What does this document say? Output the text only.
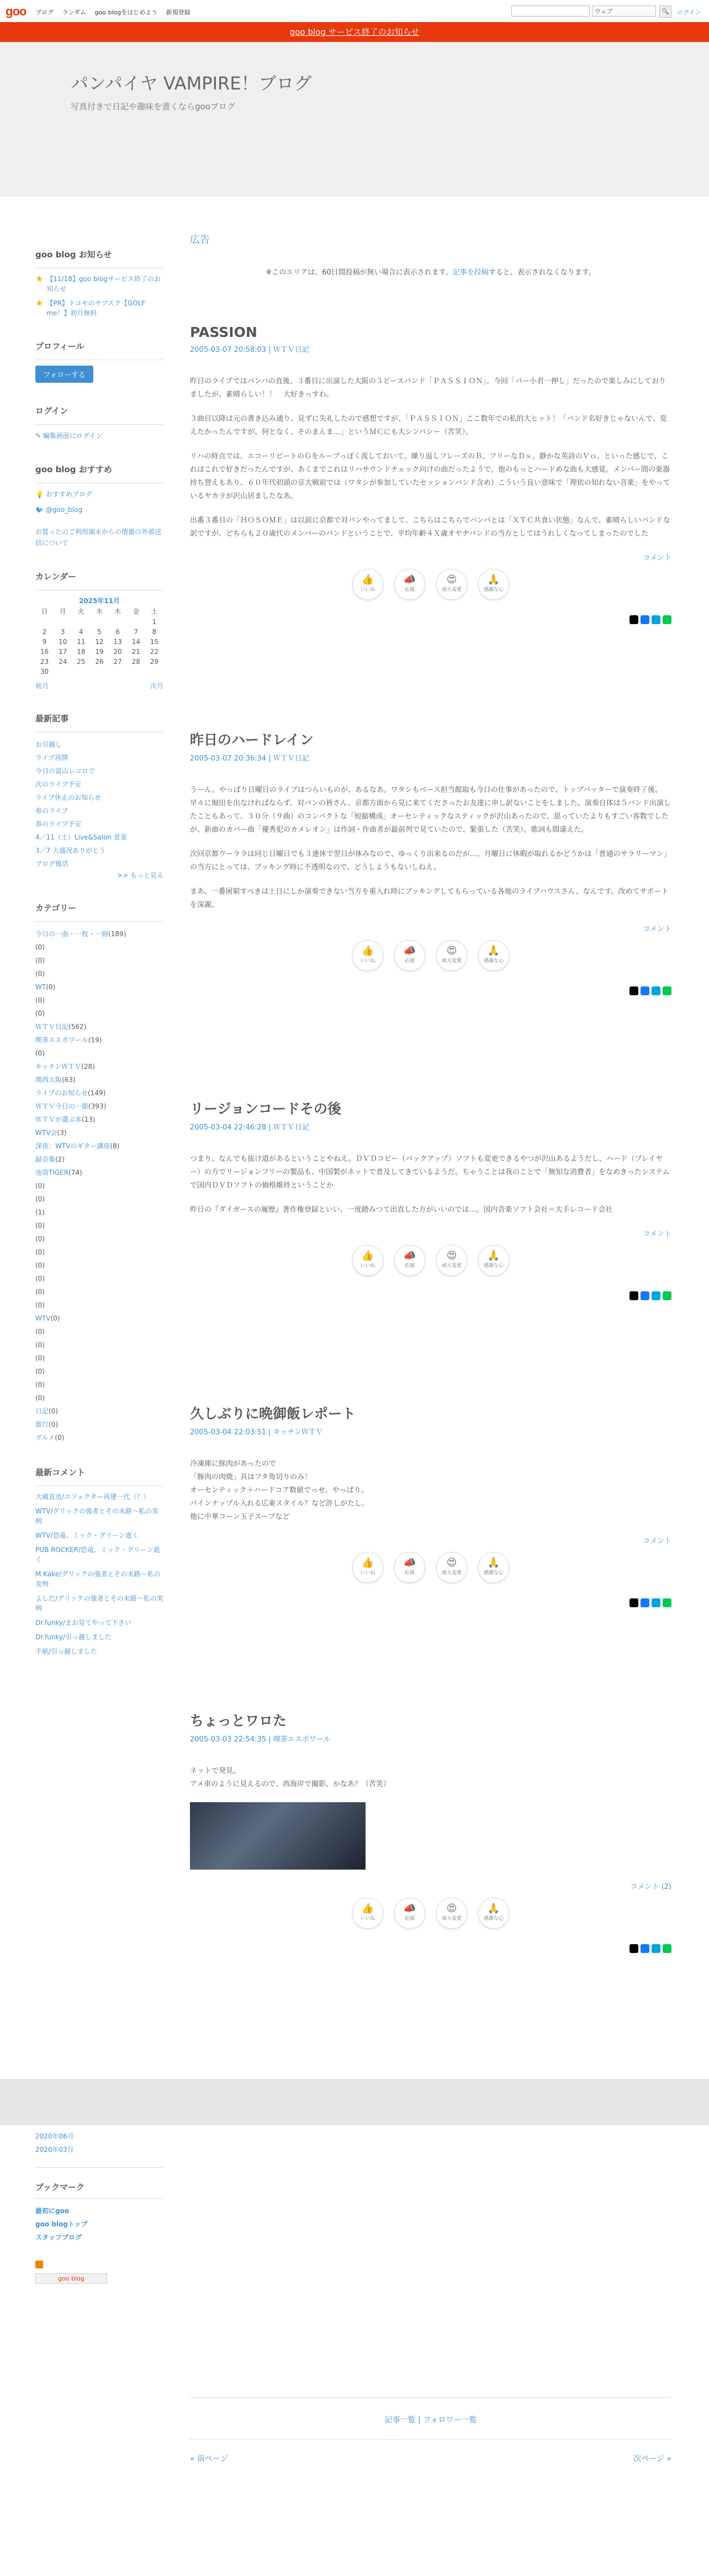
goo ブログ ランダム goo blogをはじめよう 新規登録	ウェブ	🔍	ログイン
goo blog サービス終了のお知らせ
パンパイヤ VAMPIRE！ブログ
写真付きで日記や趣味を書くならgooブログ
goo blog お知らせ
★ 【11/18】goo blogサービス終了のお知らせ
★ 【PR】ドコモのサブスク【GOLF me！】初月無料
プロフィール
フォローする
ログイン
✎ 編集画面にログイン
goo blog おすすめ
💡 おすすめブログ
🐦 @goo_blog
お買ったのご利用端末からの情報の外部送信について
カレンダー
2025年11月
日	月	火	水	木	金	土
						1
2	3	4	5	6	7	8
9	10	11	12	13	14	15
16	17	18	19	20	21	22
23	24	25	26	27	28	29
30						
前月	次月
最新記事
お引越し
ライブ再開
今日の富山レコロで
次のライブ予定
ライブ休止のお知らせ
春のライブ
春のライブ予定
4／11（土）Live&Salon 景景
3／7 大盛況ありがとう
ブログ復活
>> もっと見る
カテゴリー
今日の一曲・一枚・一冊(189)
(0)
(0)
(0)
WT(0)
(0)
(0)
ＷＴＶ日記(562)
喫茶エスポワール(19)
(0)
キッチンＷＴＶ(28)
関西大阪(63)
ライブのお知らせ(149)
ＷＴＶ今日の一節(393)
ＷＴＶが選ぶ本(13)
WTV会(3)
深夜：WTVのギター講座(8)
録音集(2)
池袋TIGER(74)
(0)
(0)
(1)
(0)
(0)
(0)
(0)
(0)
(0)
(0)
WTV(0)
(0)
(0)
(0)
(0)
(0)
(0)
日記(0)
旅行(0)
グルメ(0)
最新コメント
大蔵直也/エフェクター再建一代（？）
WTV/グリックの強者とその末路〜私の実例
WTV/恐竜、ミック・グリーン逝く
PUB ROCKER/恐竜、ミック・グリーン逝く
M.Kake/グリックの強者とその末路〜私の実例
よしだ/グリックの強者とその末路〜私の実例
Dr.funky/まお見てやって下さい
Dr.funky/引っ越しました
手紙/引っ越しました
2020年06月
2020年03月
ブックマーク
最初にgoo
goo blogトップ
スタッフブログ
goo blog
広告
※このエリアは、60日間投稿が無い場合に表示されます。記事を投稿すると、表示されなくなります。
PASSION
2005-03-07 20:58:03 | ＷＴＶ日記

昨日のライブではパンパの直後、３番目に出演した大阪の３ピースバンド「ＰＡＳＳＩＯＮ」。今回「パー小君一押し」だったので楽しみにしておりましたが、素晴らしい！！　大好きっすわ。

３曲目以降は元の書き込み通り、見ずに失礼したので感想ですが、「ＰＡＳＳＩＯＮ」ここ数年での私的大ヒット！「バンド名好きじゃないんで、変えたかったんですが、何となく、そのまんま…」というＭＣにも大シンパシー（苦笑）。

リハの時点では、エコーリピートのＧをループっぽく流しておいて、繰り返しフレーズのＢ、フリーなＤｓ、静かな英詩のＶｏ、といった感じで、これはこれで好きだったんですが、あくまでこれはリハサウンドチェック向けの曲だったようで。他のもっとハードめな曲も大感覚。メンバー間の楽器持ち替えもあり、６０年代初頭の京大戦前では（ワタシが参加していたセッションバンド含め）こういう良い意味で「理依の知れない音楽」をやっているヤカラが沢山居ましたなあ。

出番３番目の「ＨＯＳＯＭＥ」は以前に京都で対バンやってまして、こちらはこちらでパンパとは「ＸＴＣ共食い状態」なんで、素晴らしいバンドな訳ですが、どちらも２０歳代のメンバーのバンドということで、平均年齢４Ｘ歳オヤヂバンドの当方としてはうれしくなってしまったのでした

コメント
👍
いいね
📣
応援
😍
頑大変愛
🙏
感謝な心
昨日のハードレイン
2005-03-07 20:36:34 | ＷＴＶ日記

うーん。やっぱり日曜日のライブはつらいものが、あるなあ。ワタシもベース担当館取も今日の仕事があったので、トップバッターで演奏終了後、早々に堀田を出なければならず、対バンの皆さん、京都方面から見に来てくださったお友達に申し訳ないことをしました。演奏自体は５バンド出演したこともあって、３０分（９曲）のコンパクトな「短縮構成」オーセンティックなスティックが沢山あったので、思っていたよりもすごい客数でしたが、新曲のカバー曲「優秀犯のカメレオン」は作詞・作曲者が最前列で見ていたので、緊張した（苦笑）。歌詞も間違えた。

次回京都ウーララは同じ日曜日でも３連休で翌日が休みなので、ゆっくり出来るのだが…。月曜日に休暇が取れるかどうかは「普通のサラリーマン」の当方にとっては、ブッキング時に不透明なので、どうしようもないしねえ。

まあ、一番困窮すべきは土日にしか演奏できない当方を重入れ時にブッキングしてもらっている各地のライブハウスさん、なんです。改めてサポートを深謝。

コメント
👍
いいね
📣
応援
😍
頑大変愛
🙏
感謝な心
リージョンコードその後
2005-03-04 22:46:28 | ＷＴＶ日記

つまり、なんでも抜け道があるということやねえ。ＤＶＤコピー（バックアップ）ソフトも変更できるやつが沢山あるようだし、ハード（プレイヤー）の方でリージョンフリーの製品も、中国製がネットで普及してきているようだ。ちゃうことは我のことで「無知な消費者」をなめきったシステムで国内ＤＶＤソフトの価格維持ということか

昨日の『ダイガースの履歴』著作権登録といい、一度踏みつて出直した方がいいのでは…。国内音楽ソフト会社＝大手レコード会社

コメント
👍
いいね
📣
応援
😍
頑大変愛
🙏
感謝な心
久しぶりに晩御飯レポート
2005-03-04 22:03:51 | キッチンＷＴＶ

冷凍庫に豚肉があったので
「豚肉の肉焼」具はフタ角切りのみ！
オーセンティック＋ハードコア数値でっせ。やっぱり。
パインナップル入れる広東スタイル？など許しがたし。
他に中華コーン玉子スープなど

コメント
👍
いいね
📣
応援
😍
頑大変愛
🙏
感謝な心
ちょっとワロた
2005-03-03 22:54:35 | 喫茶エスポワール

ネットで発見。
アメ車のように見えるので、西海岸で撮影、かなあ？（苦笑）

コメント (2)
👍
いいね
📣
応援
😍
頑大変愛
🙏
感謝な心
記事一覧 | フォロワー一覧
« 前ページ	次ページ »
